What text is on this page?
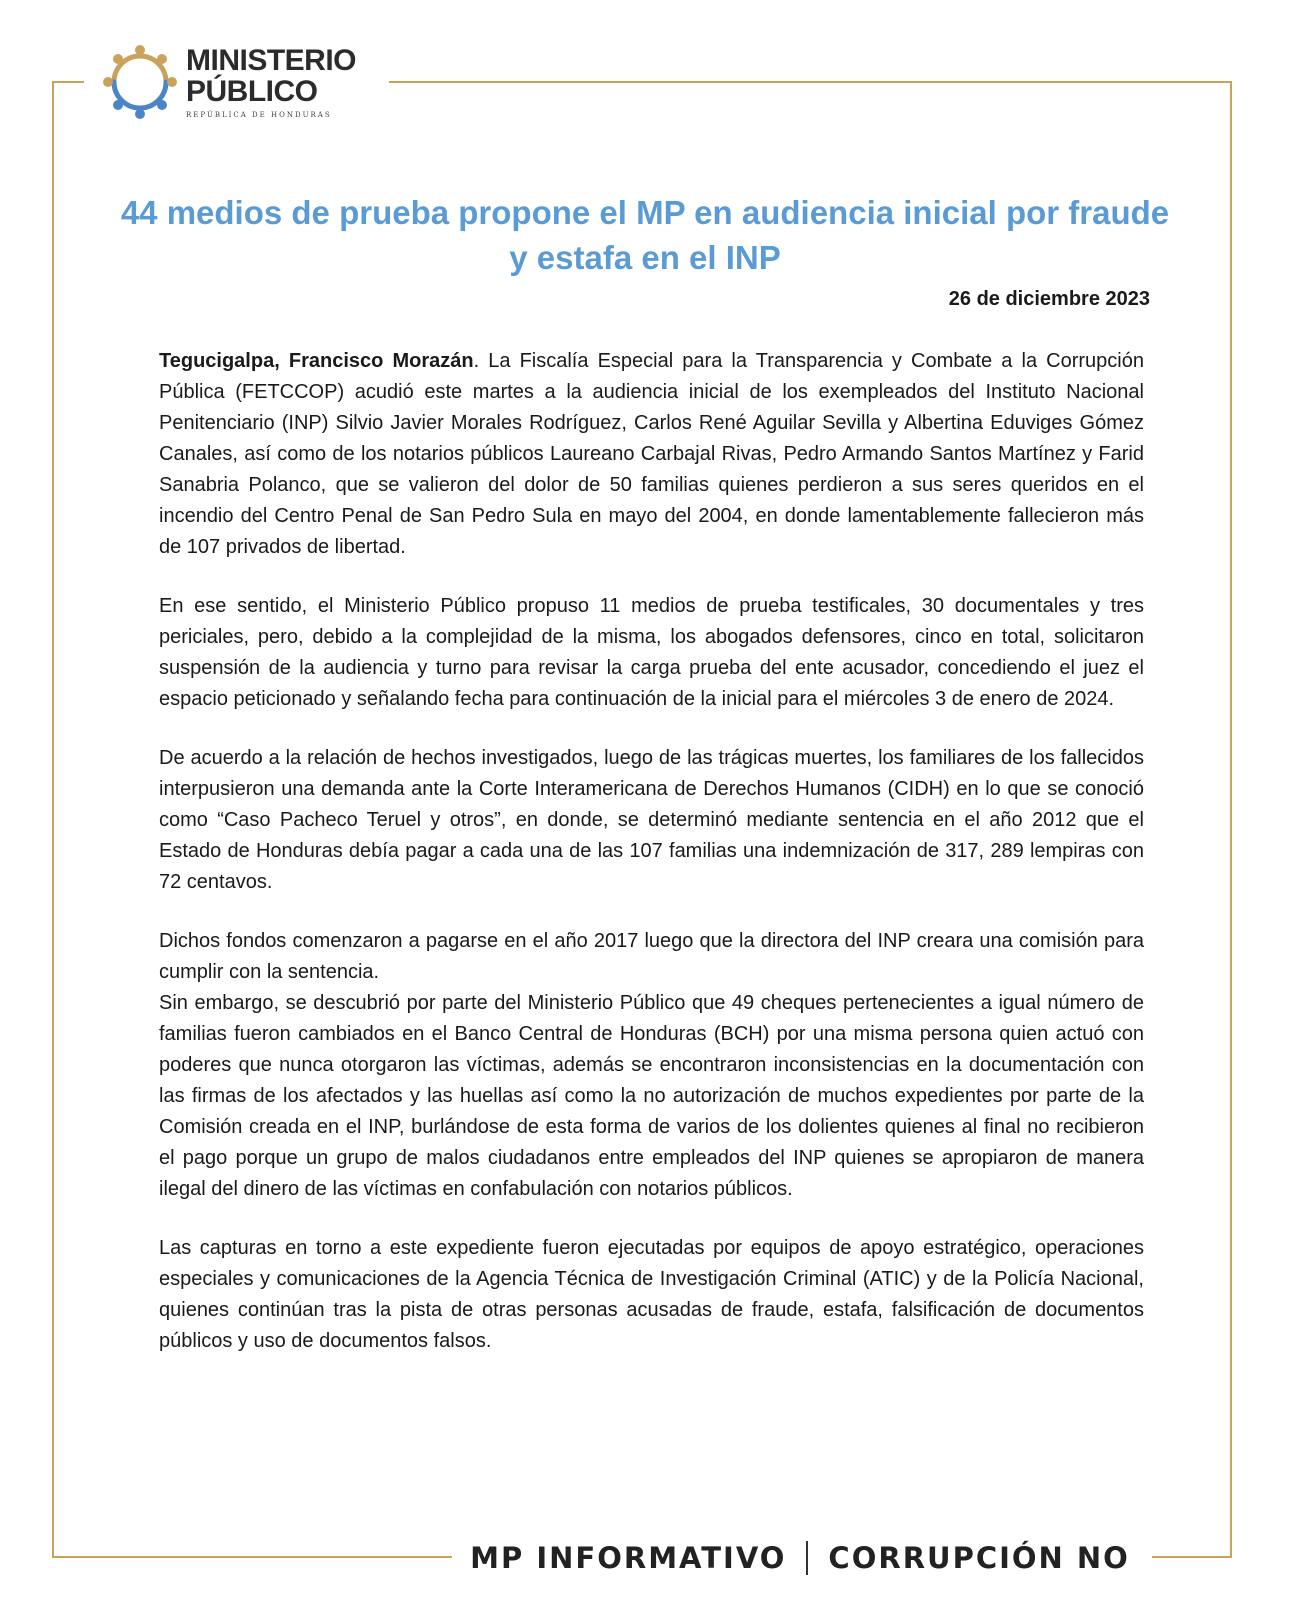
MINISTERIO
PÚBLICO
REPÚBLICA DE HONDURAS
44 medios de prueba propone el MP en audiencia inicial por fraude y estafa en el INP
26 de diciembre 2023

Tegucigalpa, Francisco Morazán. La Fiscalía Especial para la Transparencia y Combate a la Corrupción Pública (FETCCOP) acudió este martes a la audiencia inicial de los exempleados del Instituto Nacional Penitenciario (INP) Silvio Javier Morales Rodríguez, Carlos René Aguilar Sevilla y Albertina Eduviges Gómez Canales, así como de los notarios públicos Laureano Carbajal Rivas, Pedro Armando Santos Martínez y Farid Sanabria Polanco, que se valieron del dolor de 50 familias quienes perdieron a sus seres queridos en el incendio del Centro Penal de San Pedro Sula en mayo del 2004, en donde lamentablemente fallecieron más de 107 privados de libertad.

En ese sentido, el Ministerio Público propuso 11 medios de prueba testificales, 30 documentales y tres periciales, pero, debido a la complejidad de la misma, los abogados defensores, cinco en total, solicitaron suspensión de la audiencia y turno para revisar la carga prueba del ente acusador, concediendo el juez el espacio peticionado y señalando fecha para continuación de la inicial para el miércoles 3 de enero de 2024.

De acuerdo a la relación de hechos investigados, luego de las trágicas muertes, los familiares de los fallecidos interpusieron una demanda ante la Corte Interamericana de Derechos Humanos (CIDH) en lo que se conoció como “Caso Pacheco Teruel y otros”, en donde, se determinó mediante sentencia en el año 2012 que el Estado de Honduras debía pagar a cada una de las 107 familias una indemnización de 317, 289 lempiras con 72 centavos.

Dichos fondos comenzaron a pagarse en el año 2017 luego que la directora del INP creara una comisión para cumplir con la sentencia.

Sin embargo, se descubrió por parte del Ministerio Público que 49 cheques pertenecientes a igual número de familias fueron cambiados en el Banco Central de Honduras (BCH) por una misma persona quien actuó con poderes que nunca otorgaron las víctimas, además se encontraron inconsistencias en la documentación con las firmas de los afectados y las huellas así como la no autorización de muchos expedientes por parte de la Comisión creada en el INP, burlándose de esta forma de varios de los dolientes quienes al final no recibieron el pago porque un grupo de malos ciudadanos entre empleados del INP quienes se apropiaron de manera ilegal del dinero de las víctimas en confabulación con notarios públicos.

Las capturas en torno a este expediente fueron ejecutadas por equipos de apoyo estratégico, operaciones especiales y comunicaciones de la Agencia Técnica de Investigación Criminal (ATIC) y de la Policía Nacional, quienes continúan tras la pista de otras personas acusadas de fraude, estafa, falsificación de documentos públicos y uso de documentos falsos.

MP INFORMATIVO CORRUPCIÓN NO
